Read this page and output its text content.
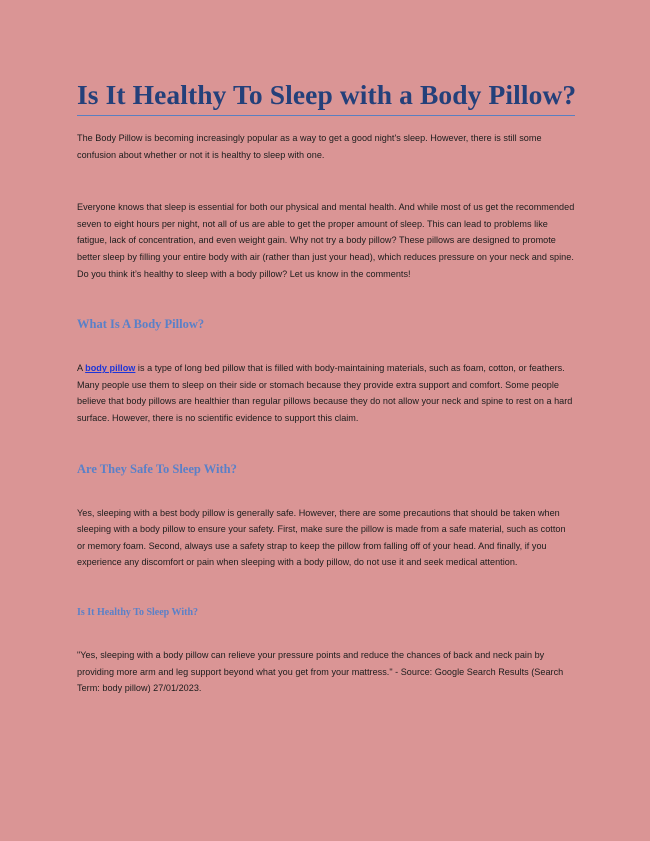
Is It Healthy To Sleep with a Body Pillow?

The Body Pillow is becoming increasingly popular as a way to get a good night's sleep. However, there is still some confusion about whether or not it is healthy to sleep with one.

Everyone knows that sleep is essential for both our physical and mental health. And while most of us get the recommended seven to eight hours per night, not all of us are able to get the proper amount of sleep. This can lead to problems like fatigue, lack of concentration, and even weight gain. Why not try a body pillow? These pillows are designed to promote better sleep by filling your entire body with air (rather than just your head), which reduces pressure on your neck and spine. Do you think it’s healthy to sleep with a body pillow? Let us know in the comments!

What Is A Body Pillow?

A body pillow is a type of long bed pillow that is filled with body-maintaining materials, such as foam, cotton, or feathers. Many people use them to sleep on their side or stomach because they provide extra support and comfort. Some people believe that body pillows are healthier than regular pillows because they do not allow your neck and spine to rest on a hard surface. However, there is no scientific evidence to support this claim.

Are They Safe To Sleep With?

Yes, sleeping with a best body pillow is generally safe. However, there are some precautions that should be taken when sleeping with a body pillow to ensure your safety. First, make sure the pillow is made from a safe material, such as cotton or memory foam. Second, always use a safety strap to keep the pillow from falling off of your head. And finally, if you experience any discomfort or pain when sleeping with a body pillow, do not use it and seek medical attention.

Is It Healthy To Sleep With?

"Yes, sleeping with a body pillow can relieve your pressure points and reduce the chances of back and neck pain by providing more arm and leg support beyond what you get from your mattress." - Source: Google Search Results (Search Term: body pillow) 27/01/2023.
